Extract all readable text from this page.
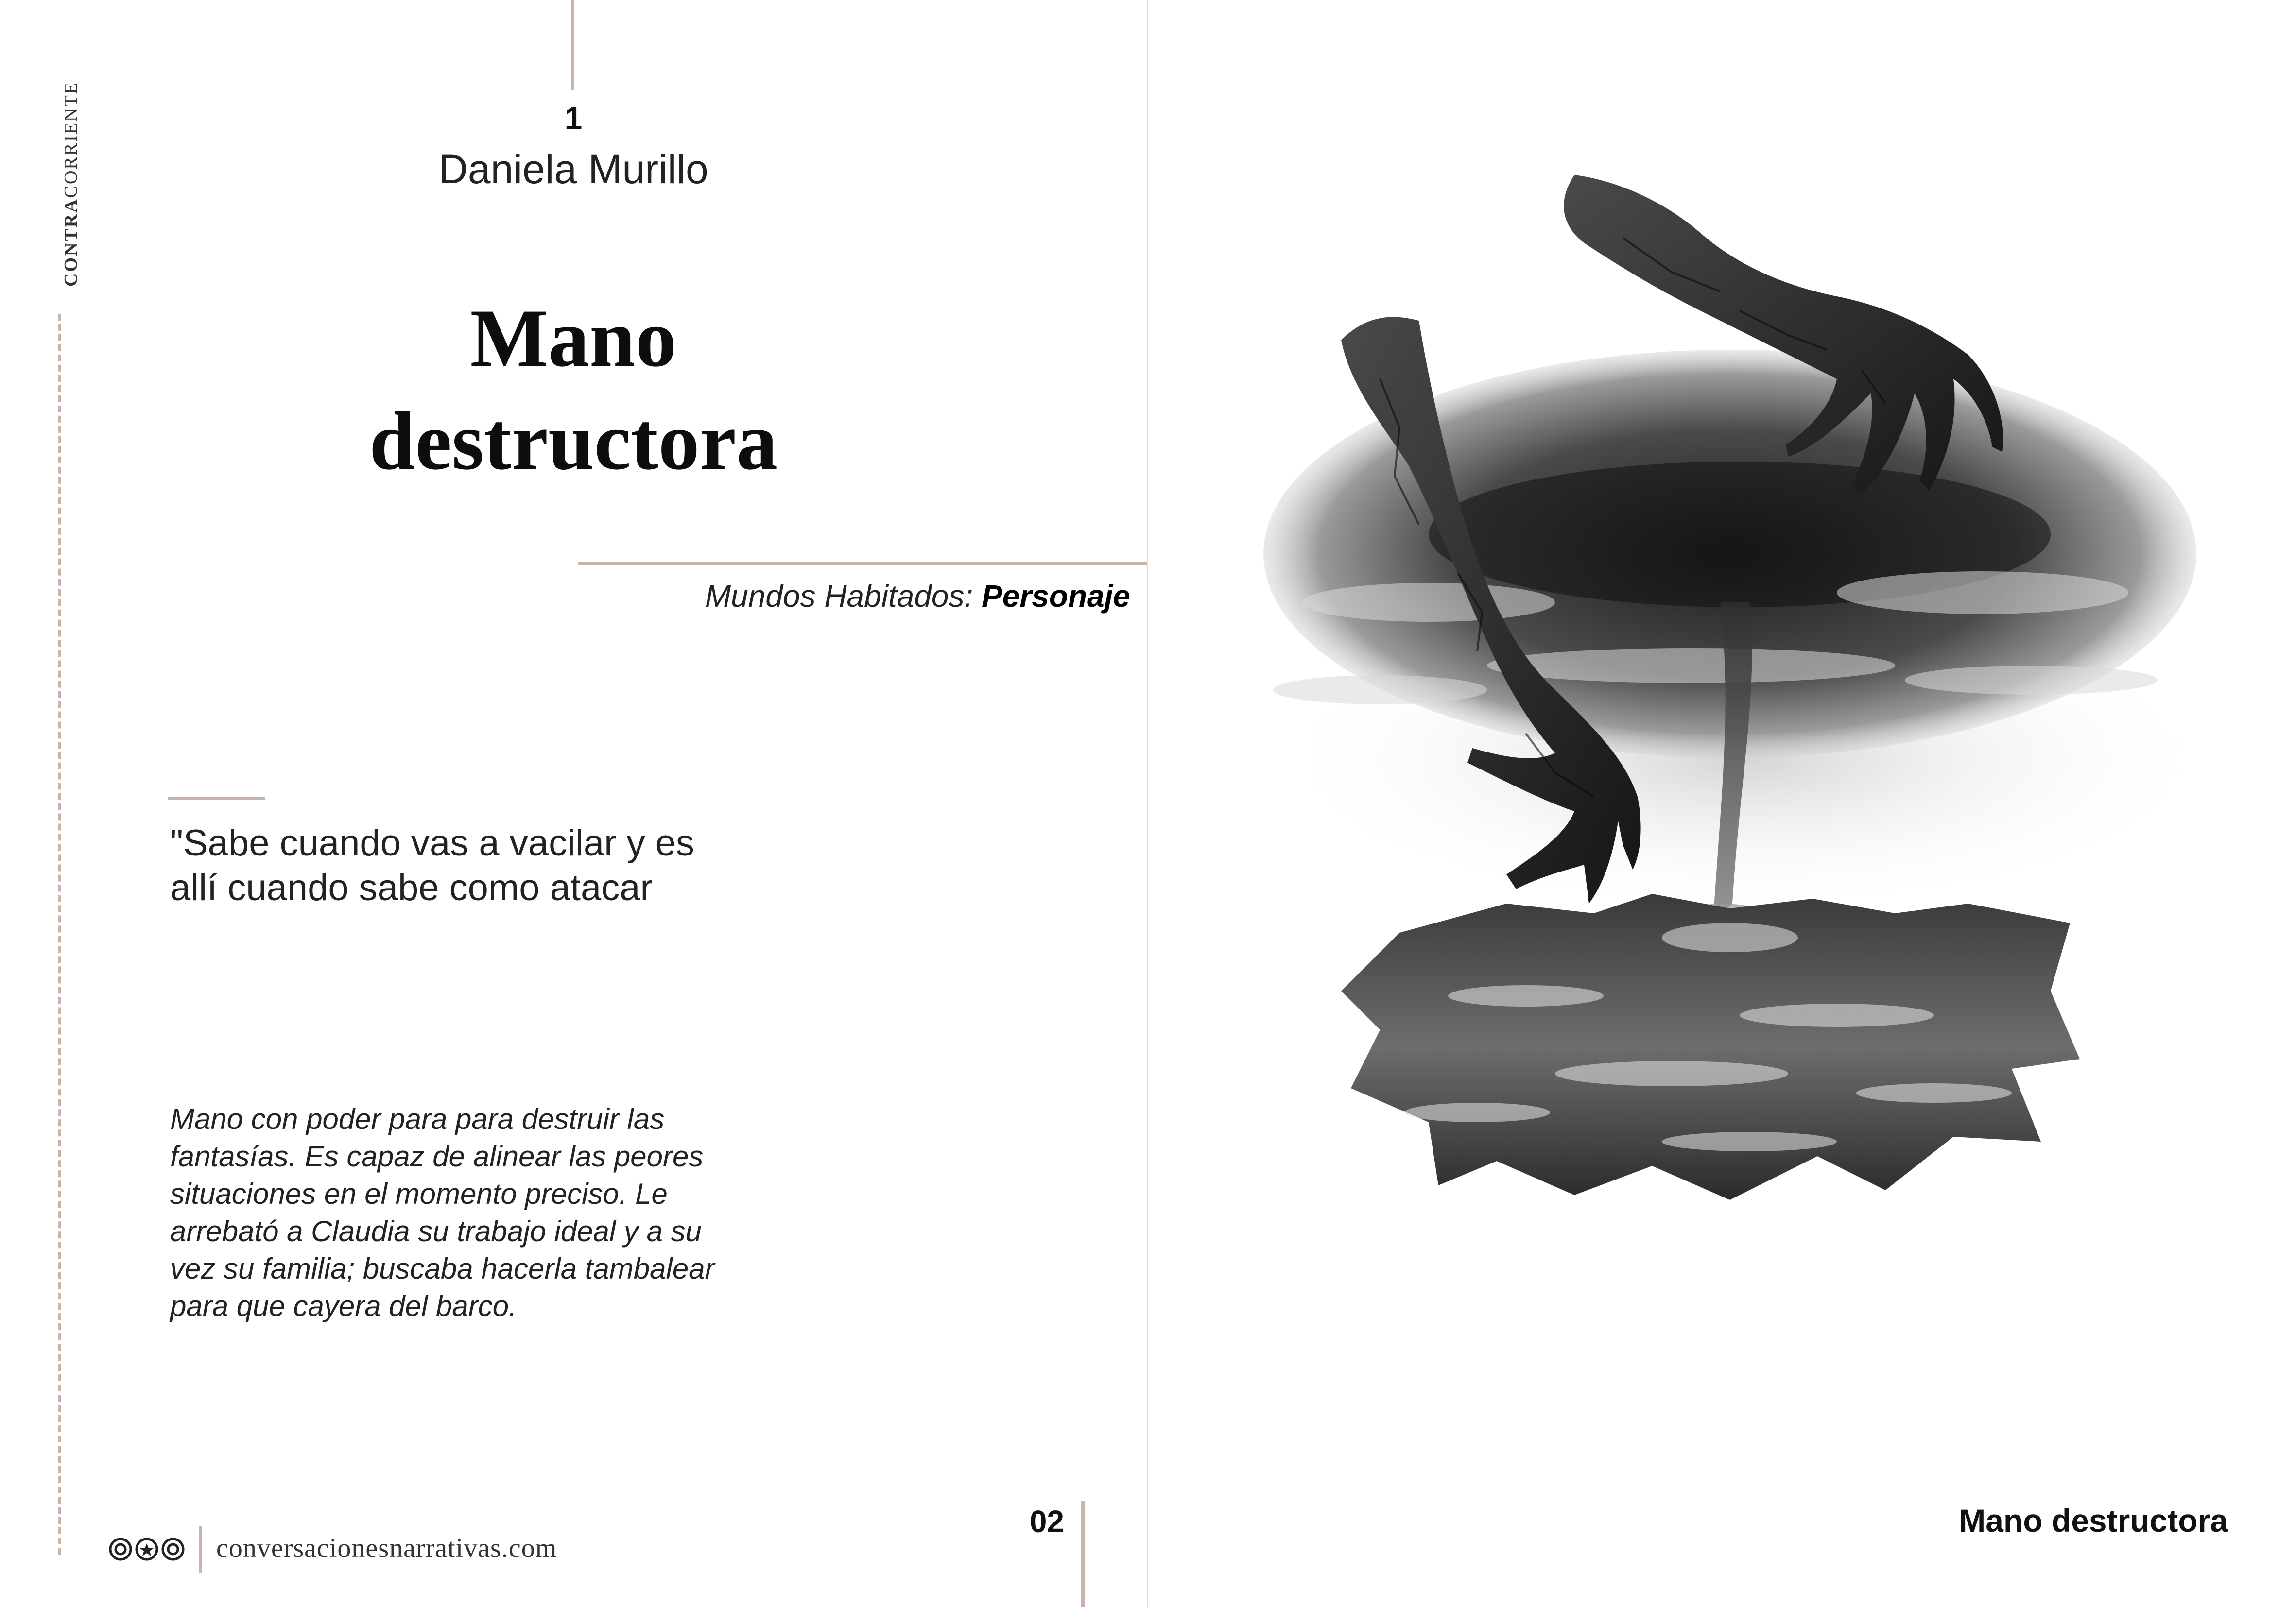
CONTRACORRIENTE	1
Daniela Murillo
Mano
destructora
Mundos Habitados: Personaje
"Sabe cuando vas a vacilar y es allí cuando sabe como atacar
Mano con poder para para destruir las fantasías. Es capaz de alinear las peores situaciones en el momento preciso. Le arrebató a Claudia su trabajo ideal y a su vez su familia; buscaba hacerla tambalear para que cayera del barco.
02
conversacionesnarrativas.com
Mano destructora
